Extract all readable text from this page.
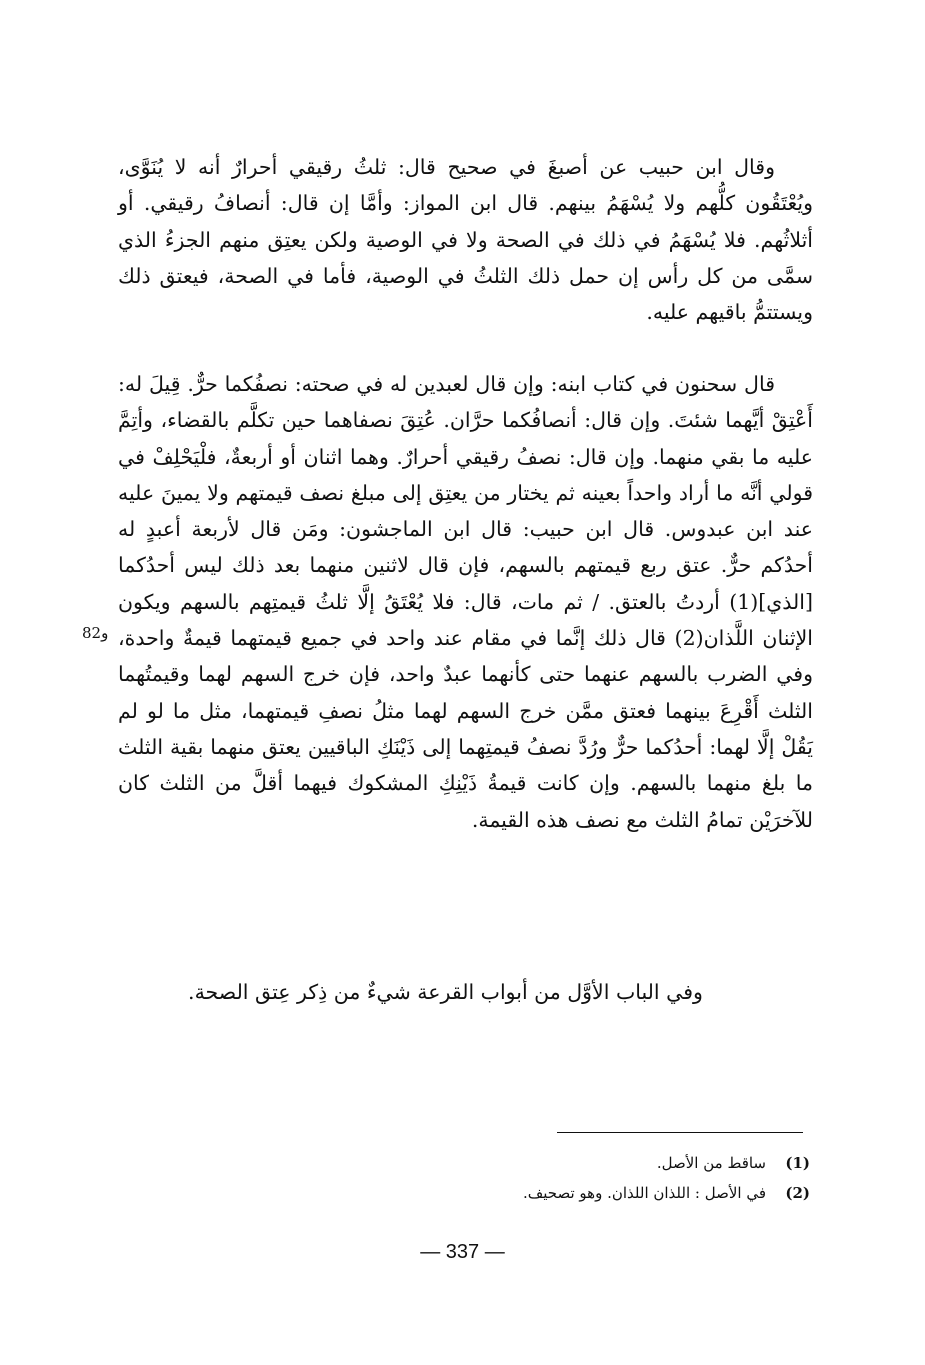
وقال ابن حبيب عن أصبغَ في صحيح قال: ثلثُ رقيقي أحرارٌ أنه لا يُنَوَّى، ويُعْتَقُون كلُّهم ولا يُسْهَمُ بينهم. قال ابن المواز: وأمَّا إن قال: أنصافُ رقيقي. أو أثلاثُهم. فلا يُسْهَمُ في ذلك في الصحة ولا في الوصية ولكن يعتِق منهم الجزءُ الذي سمَّى من كل رأس إن حمل ذلك الثلثُ في الوصية، فأما في الصحة، فيعتق ذلك ويستتمُّ باقيهم عليه.
قال سحنون في كتاب ابنه: وإن قال لعبدين له في صحته: نصفُكما حرٌّ. قِيلَ له: أَعْتِقْ أيَّهما شئتَ. وإن قال: أنصافُكما حرَّان. عُتِقَ نصفاهما حين تكلَّم بالقضاء، وأتِمَّ عليه ما بقي منهما. وإن قال: نصفُ رقيقي أحرارٌ. وهما اثنان أو أربعةٌ، فلْيَحْلِفْ في قولي أنَّه ما أراد واحداً بعينه ثم يختار من يعتِق إلى مبلغ نصف قيمتهم ولا يمينَ عليه عند ابن عبدوس. قال ابن حبيب: قال ابن الماجشون: ومَن قال لأربعة أعبدٍ له أحدُكم حرٌّ. عتق ربع قيمتهم بالسهم، فإن قال لاثنين منهما بعد ذلك ليس أحدُكما [الذي](1) أردتُ بالعتق. / ثم مات، قال: فلا يُعْتَقُ إلَّا ثلثُ قيمتِهم بالسهم ويكون الإثنان اللَّذان(2) قال ذلك إنَّما في مقام عند واحد في جميع قيمتهما قيمةٌ واحدة، وفي الضرب بالسهم عنهما حتى كأنهما عبدٌ واحد، فإن خرج السهم لهما وقيمتُهما الثلث أَقْرِعَ بينهما فعتق ممَّن خرج السهم لهما مثلُ نصفِ قيمتهما، مثل ما لو لم يَقُلْ إلَّا لهما: أحدُكما حرٌّ ورُدَّ نصفُ قيمتِهما إلى ذَيْنَكِ الباقيين يعتق منهما بقية الثلث ما بلغ منهما بالسهم. وإن كانت قيمةُ ذَيْنِكِ المشكوك فيهما أقلَّ من الثلث كان للآخرَيْن تمامُ الثلث مع نصف هذه القيمة.
وفي الباب الأوَّل من أبواب القرعة شيءٌ من ذِكر عِتق الصحة.
و82
(1)
ساقط من الأصل.
(2)
في الأصل : اللذان اللذان. وهو تصحيف.
— 337 —
